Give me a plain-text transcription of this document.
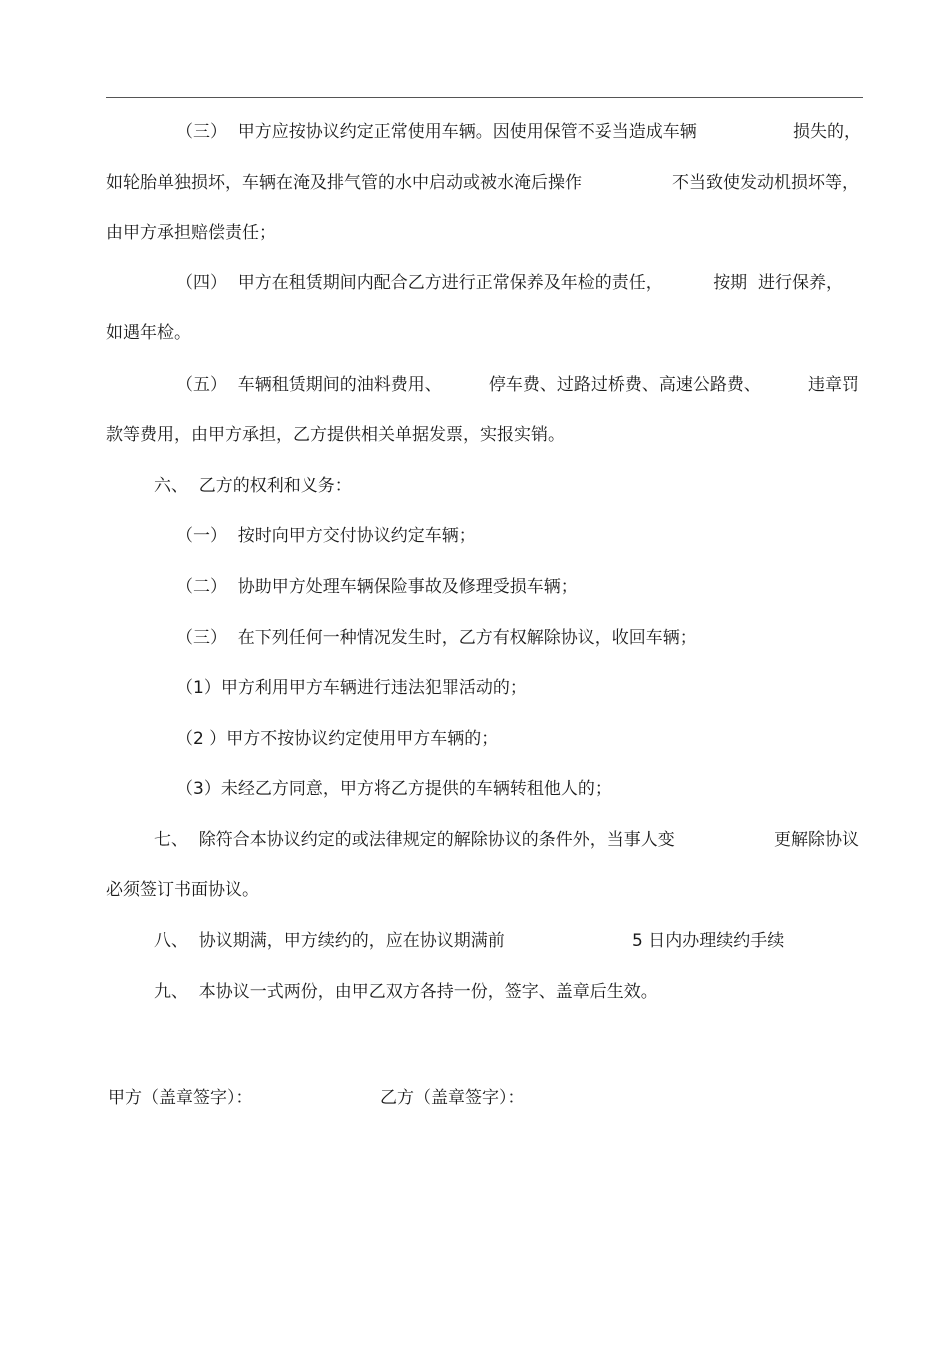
（三）  甲方应按协议约定正常使用车辆。因使用保管不妥当造成车辆	损失的，
如轮胎单独损坏，车辆在淹及排气管的水中启动或被水淹后操作	不当致使发动机损坏等，
由甲方承担赔偿责任；
（四）  甲方在租赁期间内配合乙方进行正常保养及年检的责任，	按期  进行保养，
如遇年检。
（五）  车辆租赁期间的油料费用、	停车费、过路过桥费、高速公路费、	违章罚
款等费用，由甲方承担，乙方提供相关单据发票，实报实销。
六、  乙方的权利和义务：
（一）  按时向甲方交付协议约定车辆；
（二）  协助甲方处理车辆保险事故及修理受损车辆；
（三）  在下列任何一种情况发生时，乙方有权解除协议，收回车辆；
（1）甲方利用甲方车辆进行违法犯罪活动的；
（2 ）甲方不按协议约定使用甲方车辆的；
（3）未经乙方同意，甲方将乙方提供的车辆转租他人的；
七、  除符合本协议约定的或法律规定的解除协议的条件外，当事人变	更解除协议
必须签订书面协议。
八、  协议期满，甲方续约的，应在协议期满前	5 日内办理续约手续
九、  本协议一式两份，由甲乙双方各持一份，签字、盖章后生效。
甲方（盖章签字）：	乙方（盖章签字）：
